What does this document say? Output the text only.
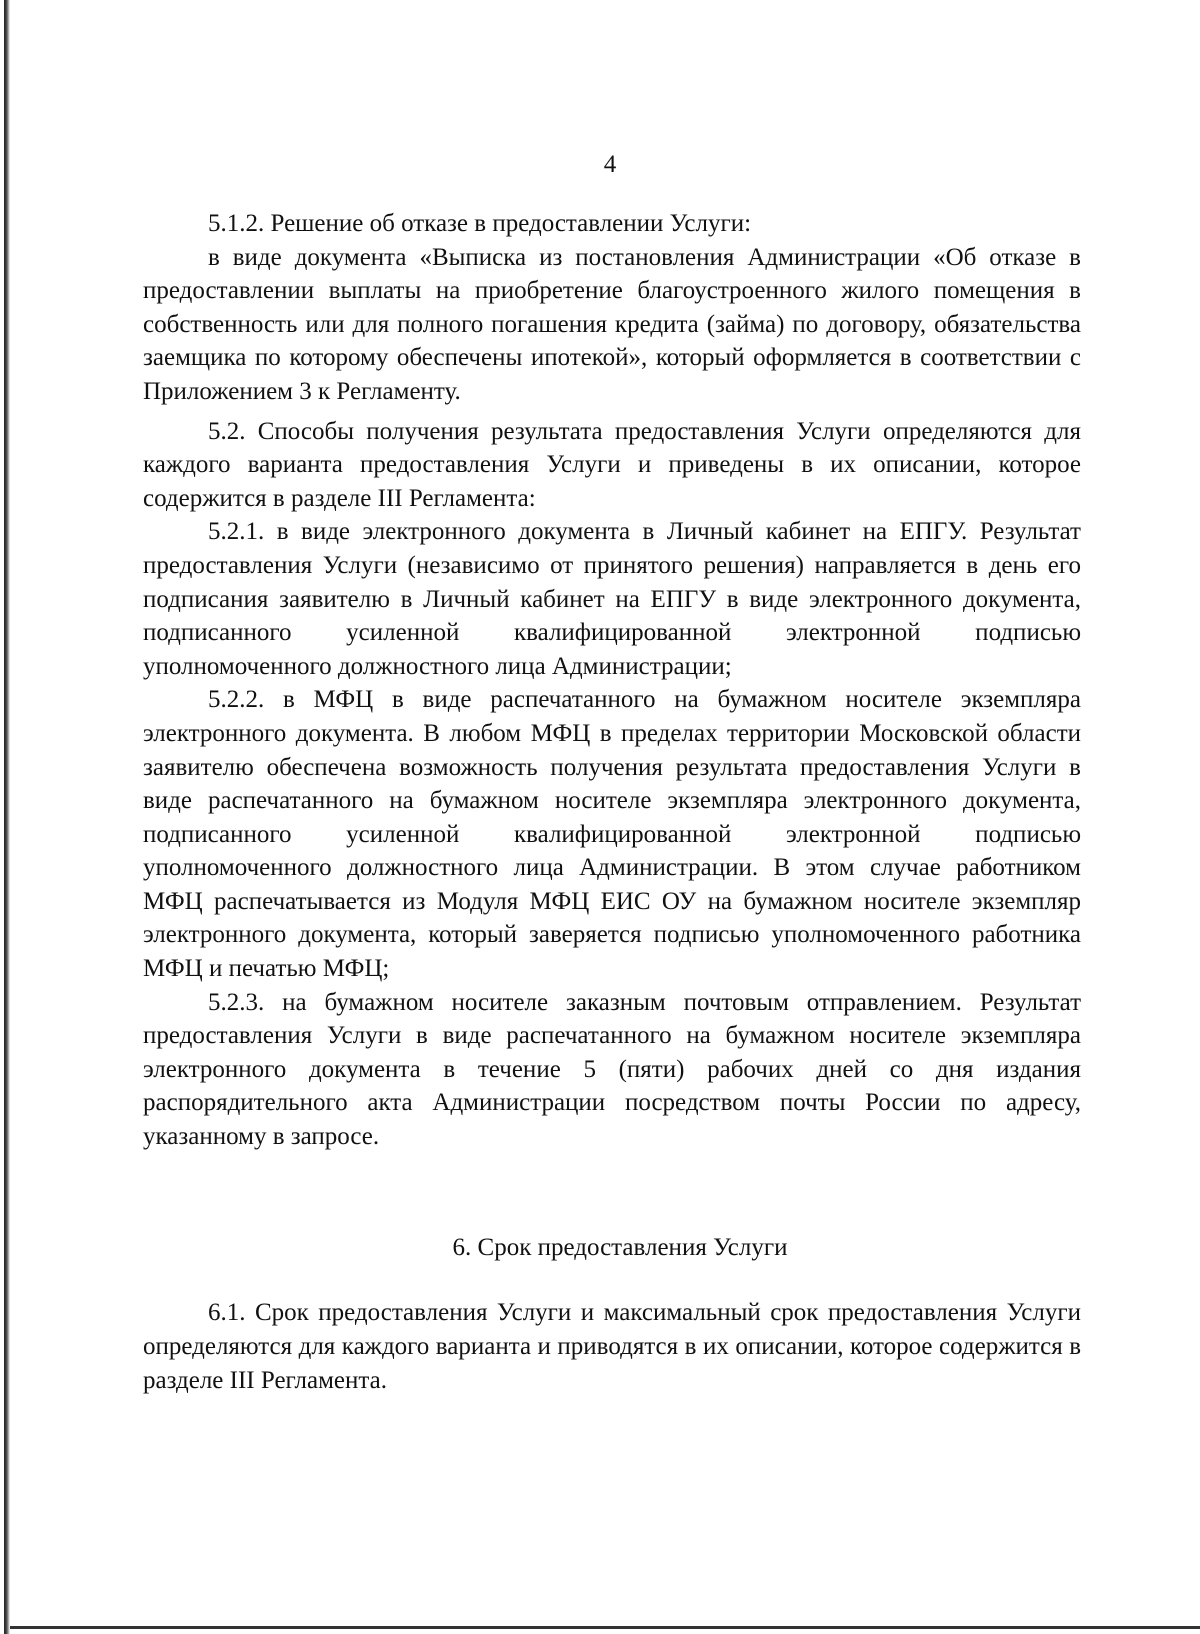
4

5.1.2. Решение об отказе в предоставлении Услуги:

в виде документа «Выписка из постановления Администрации «Об отказе в предоставлении выплаты на приобретение благоустроенного жилого помещения в собственность или для полного погашения кредита (займа) по договору, обязательства заемщика по которому обеспечены ипотекой», который оформляется в соответствии с Приложением 3 к Регламенту.

5.2. Способы получения результата предоставления Услуги определяются для каждого варианта предоставления Услуги и приведены в их описании, которое содержится в разделе III Регламента:

5.2.1. в виде электронного документа в Личный кабинет на ЕПГУ. Результат предоставления Услуги (независимо от принятого решения) направляется в день его подписания заявителю в Личный кабинет на ЕПГУ в виде электронного документа, подписанного усиленной квалифицированной электронной подписью уполномоченного должностного лица Администрации;

5.2.2. в МФЦ в виде распечатанного на бумажном носителе экземпляра электронного документа. В любом МФЦ в пределах территории Московской области заявителю обеспечена возможность получения результата предоставления Услуги в виде распечатанного на бумажном носителе экземпляра электронного документа, подписанного усиленной квалифицированной электронной подписью уполномоченного должностного лица Администрации. В этом случае работником МФЦ распечатывается из Модуля МФЦ ЕИС ОУ на бумажном носителе экземпляр электронного документа, который заверяется подписью уполномоченного работника МФЦ и печатью МФЦ;

5.2.3. на бумажном носителе заказным почтовым отправлением. Результат предоставления Услуги в виде распечатанного на бумажном носителе экземпляра электронного документа в течение 5 (пяти) рабочих дней со дня издания распорядительного акта Администрации посредством почты России по адресу, указанному в запросе.

6. Срок предоставления Услуги

6.1. Срок предоставления Услуги и максимальный срок предоставления Услуги определяются для каждого варианта и приводятся в их описании, которое содержится в разделе III Регламента.
